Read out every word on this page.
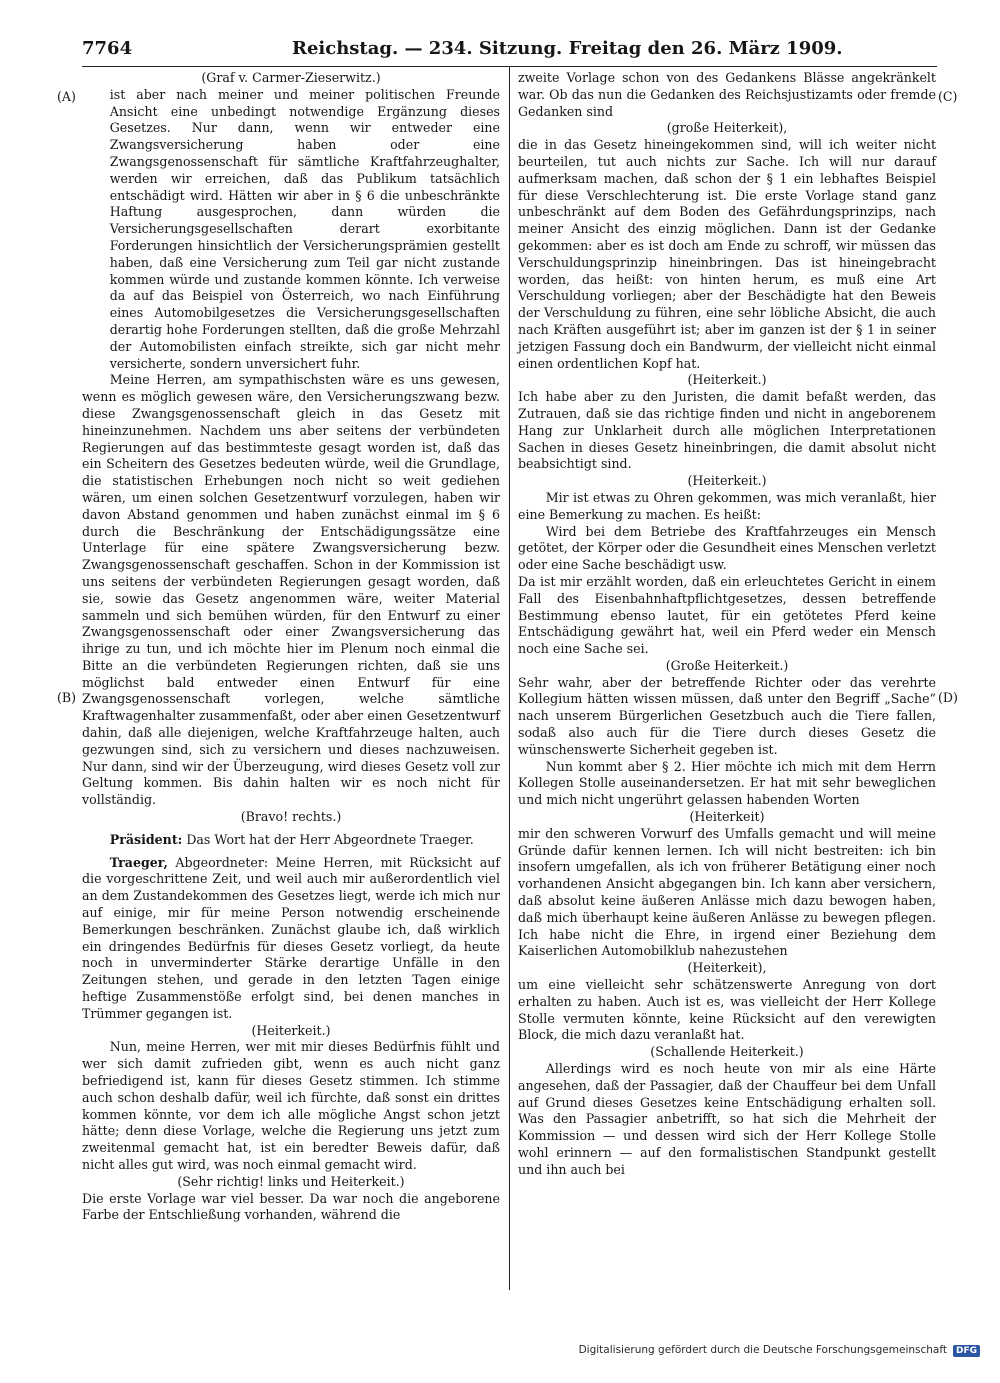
7764	Reichstag. — 234. Sitzung. Freitag den 26. März 1909.

(Graf v. Carmer-Zieserwitz.)

ist aber nach meiner und meiner politischen Freunde Ansicht eine unbedingt notwendige Ergänzung dieses Gesetzes. Nur dann, wenn wir entweder eine Zwangsversicherung haben oder eine Zwangsgenossenschaft für sämtliche Kraftfahrzeughalter, werden wir erreichen, daß das Publikum tatsächlich entschädigt wird. Hätten wir aber in § 6 die unbeschränkte Haftung ausgesprochen, dann würden die Versicherungsgesellschaften derart exorbitante Forderungen hinsichtlich der Versicherungsprämien gestellt haben, daß eine Versicherung zum Teil gar nicht zustande kommen würde und zustande kommen könnte. Ich verweise da auf das Beispiel von Österreich, wo nach Einführung eines Automobilgesetzes die Versicherungsgesellschaften derartig hohe Forderungen stellten, daß die große Mehrzahl der Automobilisten einfach streikte, sich gar nicht mehr versicherte, sondern unversichert fuhr.

Meine Herren, am sympathischsten wäre es uns gewesen, wenn es möglich gewesen wäre, den Versicherungszwang bezw. diese Zwangsgenossenschaft gleich in das Gesetz mit hineinzunehmen. Nachdem uns aber seitens der verbündeten Regierungen auf das bestimmteste gesagt worden ist, daß das ein Scheitern des Gesetzes bedeuten würde, weil die Grundlage, die statistischen Erhebungen noch nicht so weit gediehen wären, um einen solchen Gesetzentwurf vorzulegen, haben wir davon Abstand genommen und haben zunächst einmal im § 6 durch die Beschränkung der Entschädigungssätze eine Unterlage für eine spätere Zwangsversicherung bezw. Zwangsgenossenschaft geschaffen. Schon in der Kommission ist uns seitens der verbündeten Regierungen gesagt worden, daß sie, sowie das Gesetz angenommen wäre, weiter Material sammeln und sich bemühen würden, für den Entwurf zu einer Zwangsgenossenschaft oder einer Zwangsversicherung das ihrige zu tun, und ich möchte hier im Plenum noch einmal die Bitte an die verbündeten Regierungen richten, daß sie uns möglichst bald entweder einen Entwurf für eine Zwangsgenossenschaft vorlegen, welche sämtliche Kraftwagenhalter zusammenfaßt, oder aber einen Gesetzentwurf dahin, daß alle diejenigen, welche Kraftfahrzeuge halten, auch gezwungen sind, sich zu versichern und dieses nachzuweisen. Nur dann, sind wir der Überzeugung, wird dieses Gesetz voll zur Geltung kommen. Bis dahin halten wir es noch nicht für vollständig.

(Bravo! rechts.)

Präsident: Das Wort hat der Herr Abgeordnete Traeger.

Traeger, Abgeordneter: Meine Herren, mit Rücksicht auf die vorgeschrittene Zeit, und weil auch mir außerordentlich viel an dem Zustandekommen des Gesetzes liegt, werde ich mich nur auf einige, mir für meine Person notwendig erscheinende Bemerkungen beschränken. Zunächst glaube ich, daß wirklich ein dringendes Bedürfnis für dieses Gesetz vorliegt, da heute noch in unverminderter Stärke derartige Unfälle in den Zeitungen stehen, und gerade in den letzten Tagen einige heftige Zusammenstöße erfolgt sind, bei denen manches in Trümmer gegangen ist.

(Heiterkeit.)

Nun, meine Herren, wer mit mir dieses Bedürfnis fühlt und wer sich damit zufrieden gibt, wenn es auch nicht ganz befriedigend ist, kann für dieses Gesetz stimmen. Ich stimme auch schon deshalb dafür, weil ich fürchte, daß sonst ein drittes kommen könnte, vor dem ich alle mögliche Angst schon jetzt hätte; denn diese Vorlage, welche die Regierung uns jetzt zum zweitenmal gemacht hat, ist ein beredter Beweis dafür, daß nicht alles gut wird, was noch einmal gemacht wird.

(Sehr richtig! links und Heiterkeit.)

Die erste Vorlage war viel besser. Da war noch die angeborene Farbe der Entschließung vorhanden, während die

zweite Vorlage schon von des Gedankens Blässe angekränkelt war. Ob das nun die Gedanken des Reichsjustizamts oder fremde Gedanken sind

(große Heiterkeit),

die in das Gesetz hineingekommen sind, will ich weiter nicht beurteilen, tut auch nichts zur Sache. Ich will nur darauf aufmerksam machen, daß schon der § 1 ein lebhaftes Beispiel für diese Verschlechterung ist. Die erste Vorlage stand ganz unbeschränkt auf dem Boden des Gefährdungsprinzips, nach meiner Ansicht des einzig möglichen. Dann ist der Gedanke gekommen: aber es ist doch am Ende zu schroff, wir müssen das Verschuldungsprinzip hineinbringen. Das ist hineingebracht worden, das heißt: von hinten herum, es muß eine Art Verschuldung vorliegen; aber der Beschädigte hat den Beweis der Verschuldung zu führen, eine sehr löbliche Absicht, die auch nach Kräften ausgeführt ist; aber im ganzen ist der § 1 in seiner jetzigen Fassung doch ein Bandwurm, der vielleicht nicht einmal einen ordentlichen Kopf hat.

(Heiterkeit.)

Ich habe aber zu den Juristen, die damit befaßt werden, das Zutrauen, daß sie das richtige finden und nicht in angeborenem Hang zur Unklarheit durch alle möglichen Interpretationen Sachen in dieses Gesetz hineinbringen, die damit absolut nicht beabsichtigt sind.

(Heiterkeit.)

Mir ist etwas zu Ohren gekommen, was mich veranlaßt, hier eine Bemerkung zu machen. Es heißt:

Wird bei dem Betriebe des Kraftfahrzeuges ein Mensch getötet, der Körper oder die Gesundheit eines Menschen verletzt oder eine Sache beschädigt usw.

Da ist mir erzählt worden, daß ein erleuchtetes Gericht in einem Fall des Eisenbahnhaftpflichtgesetzes, dessen betreffende Bestimmung ebenso lautet, für ein getötetes Pferd keine Entschädigung gewährt hat, weil ein Pferd weder ein Mensch noch eine Sache sei.

(Große Heiterkeit.)

Sehr wahr, aber der betreffende Richter oder das verehrte Kollegium hätten wissen müssen, daß unter den Begriff „Sache“ nach unserem Bürgerlichen Gesetzbuch auch die Tiere fallen, sodaß also auch für die Tiere durch dieses Gesetz die wünschenswerte Sicherheit gegeben ist.

Nun kommt aber § 2. Hier möchte ich mich mit dem Herrn Kollegen Stolle auseinandersetzen. Er hat mit sehr beweglichen und mich nicht ungerührt gelassen habenden Worten

(Heiterkeit)

mir den schweren Vorwurf des Umfalls gemacht und will meine Gründe dafür kennen lernen. Ich will nicht bestreiten: ich bin insofern umgefallen, als ich von früherer Betätigung einer noch vorhandenen Ansicht abgegangen bin. Ich kann aber versichern, daß absolut keine äußeren Anlässe mich dazu bewogen haben, daß mich überhaupt keine äußeren Anlässe zu bewegen pflegen. Ich habe nicht die Ehre, in irgend einer Beziehung dem Kaiserlichen Automobilklub nahezustehen

(Heiterkeit),

um eine vielleicht sehr schätzenswerte Anregung von dort erhalten zu haben. Auch ist es, was vielleicht der Herr Kollege Stolle vermuten könnte, keine Rücksicht auf den verewigten Block, die mich dazu veranlaßt hat.

(Schallende Heiterkeit.)

Allerdings wird es noch heute von mir als eine Härte angesehen, daß der Passagier, daß der Chauffeur bei dem Unfall auf Grund dieses Gesetzes keine Entschädigung erhalten soll. Was den Passagier anbetrifft, so hat sich die Mehrheit der Kommission — und dessen wird sich der Herr Kollege Stolle wohl erinnern — auf den formalistischen Standpunkt gestellt und ihn auch bei

(A)
(B)
(C)
(D)
Digitalisierung gefördert durch die Deutsche Forschungsgemeinschaft DFG
